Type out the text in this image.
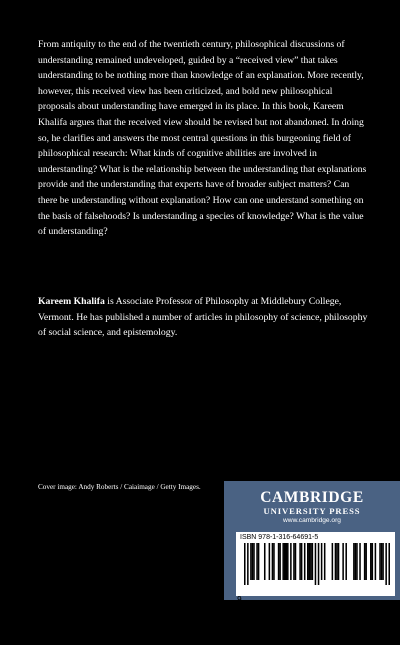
From antiquity to the end of the twentieth century, philosophical discussions of understanding remained undeveloped, guided by a “received view” that takes understanding to be nothing more than knowledge of an explanation. More recently, however, this received view has been criticized, and bold new philosophical proposals about understanding have emerged in its place. In this book, Kareem Khalifa argues that the received view should be revised but not abandoned. In doing so, he clarifies and answers the most central questions in this burgeoning field of philosophical research: What kinds of cognitive abilities are involved in understanding? What is the relationship between the understanding that explanations provide and the understanding that experts have of broader subject matters? Can there be understanding without explanation? How can one understand something on the basis of falsehoods? Is understanding a species of knowledge? What is the value of understanding?

Kareem Khalifa is Associate Professor of Philosophy at Middlebury College, Vermont. He has published a number of articles in philosophy of science, philosophy of social science, and epistemology.

Cover image: Andy Roberts / Caiaimage / Getty Images.

CAMBRIDGE
UNIVERSITY PRESS
www.cambridge.org
ISBN 978-1-316-64691-5

9

781316

646915

>
